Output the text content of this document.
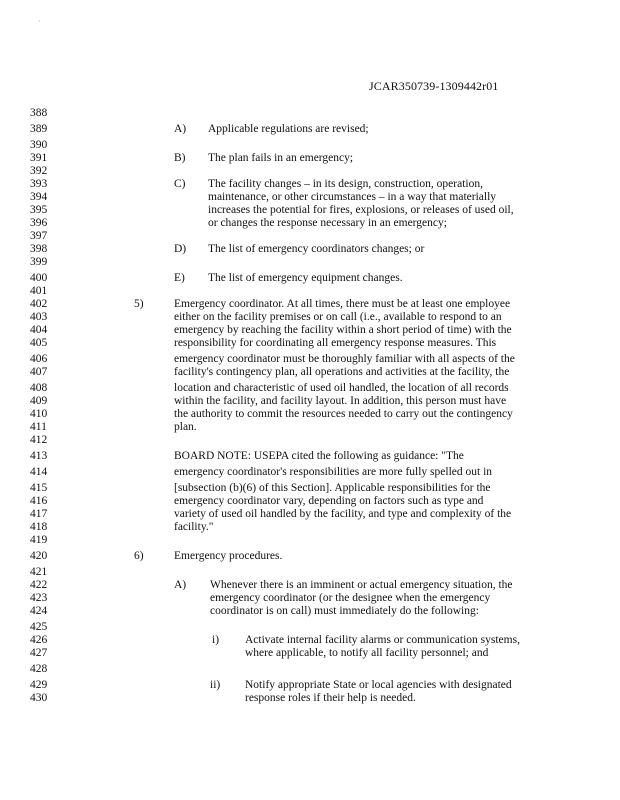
·
JCAR350739-1309442r01
388
389
390
391
392
393
394
395
396
397
398
399
400
401
402
403
404
405
406
407
408
409
410
411
412
413
414
415
416
417
418
419
420
421
422
423
424
425
426
427
428
429
430
A) Applicable regulations are revised;
B) The plan fails in an emergency;
C) The facility changes – in its design, construction, operation,
maintenance, or other circumstances – in a way that materially
increases the potential for fires, explosions, or releases of used oil,
or changes the response necessary in an emergency;
D) The list of emergency coordinators changes; or
E) The list of emergency equipment changes.
5)	Emergency coordinator. At all times, there must be at least one employee
either on the facility premises or on call (i.e., available to respond to an
emergency by reaching the facility within a short period of time) with the
responsibility for coordinating all emergency response measures. This
emergency coordinator must be thoroughly familiar with all aspects of the
facility's contingency plan, all operations and activities at the facility, the
location and characteristic of used oil handled, the location of all records
within the facility, and facility layout. In addition, this person must have
the authority to commit the resources needed to carry out the contingency
plan.
BOARD NOTE: USEPA cited the following as guidance: "The
emergency coordinator's responsibilities are more fully spelled out in
[subsection (b)(6) of this Section]. Applicable responsibilities for the
emergency coordinator vary, depending on factors such as type and
variety of used oil handled by the facility, and type and complexity of the
facility."
6)	Emergency procedures.
A) Whenever there is an imminent or actual emergency situation, the
emergency coordinator (or the designee when the emergency
coordinator is on call) must immediately do the following:
i) Activate internal facility alarms or communication systems,
where applicable, to notify all facility personnel; and
ii) Notify appropriate State or local agencies with designated
response roles if their help is needed.
